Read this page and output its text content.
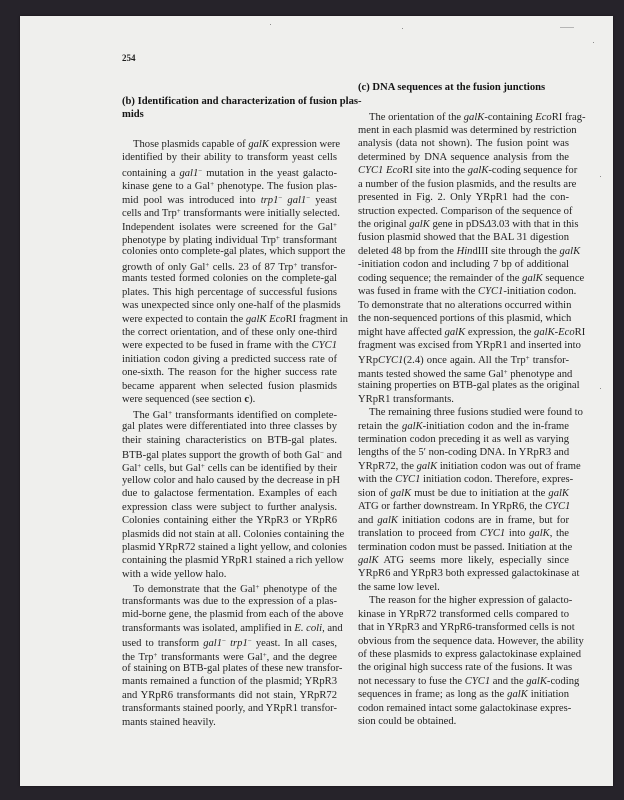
254
(b) Identification and characterization of fusion plas-
mids
Those plasmids capable of galK expression were
identified by their ability to transform yeast cells
containing a gal1− mutation in the yeast galacto-
kinase gene to a Gal+ phenotype. The fusion plas-
mid pool was introduced into trp1− gal1− yeast
cells and Trp+ transformants were initially selected.
Independent isolates were screened for the Gal+
phenotype by plating individual Trp+ transformant
colonies onto complete-gal plates, which support the
growth of only Gal+ cells. 23 of 87 Trp+ transfor-
mants tested formed colonies on the complete-gal
plates. This high percentage of successful fusions
was unexpected since only one-half of the plasmids
were expected to contain the galK EcoRI fragment in
the correct orientation, and of these only one-third
were expected to be fused in frame with the CYC1
initiation codon giving a predicted success rate of
one-sixth. The reason for the higher success rate
became apparent when selected fusion plasmids
were sequenced (see section c).
The Gal+ transformants identified on complete-
gal plates were differentiated into three classes by
their staining characteristics on BTB-gal plates.
BTB-gal plates support the growth of both Gal− and
Gal+ cells, but Gal+ cells can be identified by their
yellow color and halo caused by the decrease in pH
due to galactose fermentation. Examples of each
expression class were subject to further analysis.
Colonies containing either the YRpR3 or YRpR6
plasmids did not stain at all. Colonies containing the
plasmid YRpR72 stained a light yellow, and colonies
containing the plasmid YRpR1 stained a rich yellow
with a wide yellow halo.
To demonstrate that the Gal+ phenotype of the
transformants was due to the expression of a plas-
mid-borne gene, the plasmid from each of the above
transformants was isolated, amplified in E. coli, and
used to transform gal1− trp1− yeast. In all cases,
the Trp+ transformants were Gal+, and the degree
of staining on BTB-gal plates of these new transfor-
mants remained a function of the plasmid; YRpR3
and YRpR6 transformants did not stain, YRpR72
transformants stained poorly, and YRpR1 transfor-
mants stained heavily.
(c) DNA sequences at the fusion junctions
The orientation of the galK-containing EcoRI frag-
ment in each plasmid was determined by restriction
analysis (data not shown). The fusion point was
determined by DNA sequence analysis from the
CYC1 EcoRI site into the galK-coding sequence for
a number of the fusion plasmids, and the results are
presented in Fig. 2. Only YRpR1 had the con-
struction expected. Comparison of the sequence of
the original galK gene in pDSΔ3.03 with that in this
fusion plasmid showed that the BAL 31 digestion
deleted 48 bp from the HindIII site through the galK
-initiation codon and including 7 bp of additional
coding sequence; the remainder of the galK sequence
was fused in frame with the CYC1-initiation codon.
To demonstrate that no alterations occurred within
the non-sequenced portions of this plasmid, which
might have affected galK expression, the galK-Eco
fragment was excised from YRpR1 and inserted into
YRpCYC1(2.4) once again. All the Trp+ transfor-
mants tested showed the same Gal+ phenotype and
staining properties on BTB-gal plates as the original
YRpR1 transformants.
The remaining three fusions studied were found to
retain the galK-initiation codon and the in-frame
termination codon preceding it as well as varying
lengths of the 5′ non-coding DNA. In YRpR3 and
YRpR72, the galK initiation codon was out of frame
with the CYC1 initiation codon. Therefore, expres-
sion of galK must be due to initiation at the galK
ATG or farther downstream. In YRpR6, the CYC1
and galK initiation codons are in frame, but for
translation to proceed from CYC1 into galK, the
termination codon must be passed. Initiation at the
galK ATG seems more likely, especially since
YRpR6 and YRpR3 both expressed galactokinase at
the same low level.
The reason for the higher expression of galacto-
kinase in YRpR72 transformed cells compared to
that in YRpR3 and YRpR6-transformed cells is not
obvious from the sequence data. However, the ability
of these plasmids to express galactokinase explained
the original high success rate of the fusions. It was
not necessary to fuse the CYC1 and the galK-coding
sequences in frame; as long as the galK initiation
codon remained intact some galactokinase expres-
sion could be obtained.
